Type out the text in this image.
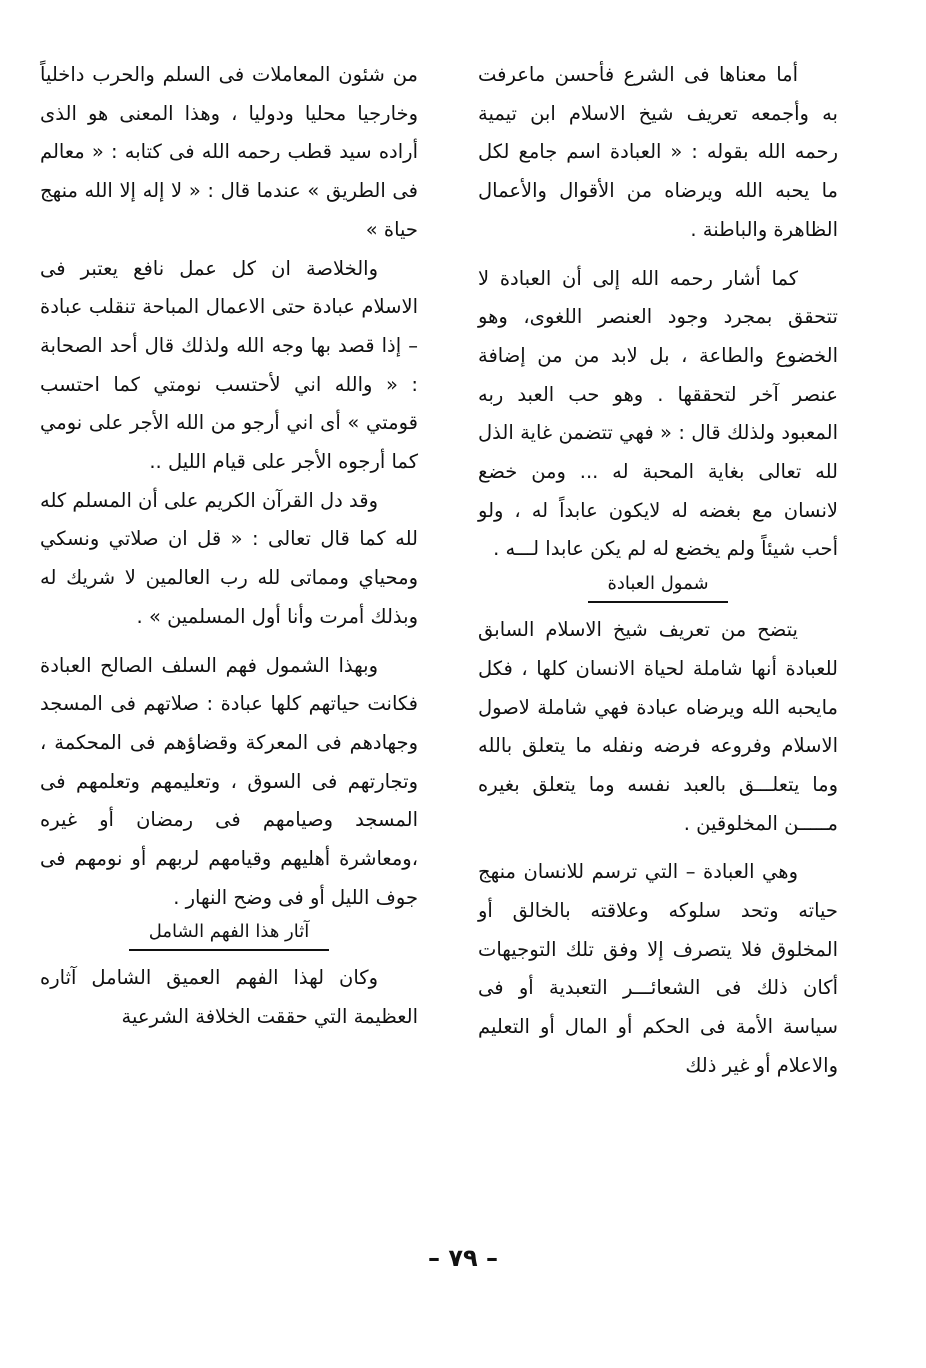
أما معناها فى الشرع فأحسن ماعرفت به وأجمعه تعريف شيخ الاسلام ابن تيمية رحمه الله بقوله : « العبادة اسم جامع لكل ما يحبه الله ويرضاه من الأقوال والأعمال الظاهرة والباطنة .

كما أشار رحمه الله إلى أن العبادة لا تتحقق بمجرد وجود العنصر اللغوى، وهو الخضوع والطاعة ، بل لابد من من إضافة عنصر آخر لتحققها . وهو حب العبد ربه المعبود ولذلك قال : « فهي تتضمن غاية الذل لله تعالى بغاية المحبة له ... ومن خضع لانسان مع بغضه له لايكون عابداً له ، ولو أحب شيئاً ولم يخضع له لم يكن عابدا لـــه .

شمول العبادة

يتضح من تعريف شيخ الاسلام السابق للعبادة أنها شاملة لحياة الانسان كلها ، فكل مايحبه الله ويرضاه عبادة فهي شاملة لاصول الاسلام وفروعه فرضه ونفله ما يتعلق بالله وما يتعلـــق بالعبد نفسه وما يتعلق بغيره مـــــن المخلوقين .

وهي العبادة – التي ترسم للانسان منهج حياته وتحد سلوكه وعلاقته بالخالق أو المخلوق فلا يتصرف إلا وفق تلك التوجيهات أكان ذلك فى الشعائـــر التعبدية أو فى سياسة الأمة فى الحكم أو المال أو التعليم والاعلام أو غير ذلك

من شئون المعاملات فى السلم والحرب داخلياً وخارجيا محليا ودوليا ، وهذا المعنى هو الذى أراده سيد قطب رحمه الله فى كتابه : « معالم فى الطريق » عندما قال : « لا إله إلا الله منهج حياة »

والخلاصة ان كل عمل نافع يعتبر فى الاسلام عبادة حتى الاعمال المباحة تنقلب عبادة – إذا قصد بها وجه الله ولذلك قال أحد الصحابة : « والله اني لأحتسب نومتي كما احتسب قومتي » أى اني أرجو من الله الأجر على نومي كما أرجوه الأجر على قيام الليل ..

وقد دل القرآن الكريم على أن المسلم كله لله كما قال تعالى : « قل ان صلاتي ونسكي ومحياي ومماتى لله رب العالمين لا شريك له وبذلك أمرت وأنا أول المسلمين » .

وبهذا الشمول فهم السلف الصالح العبادة فكانت حياتهم كلها عبادة : صلاتهم فى المسجد وجهادهم فى المعركة وقضاؤهم فى المحكمة ، وتجارتهم فى السوق ، وتعليمهم وتعلمهم فى المسجد وصيامهم فى رمضان أو غيره ،ومعاشرة أهليهم وقيامهم لربهم أو نومهم فى جوف الليل أو فى وضح النهار .

آثار هذا الفهم الشامل

وكان لهذا الفهم العميق الشامل آثاره العظيمة التي حققت الخلافة الشرعية

– ٧٩ –
